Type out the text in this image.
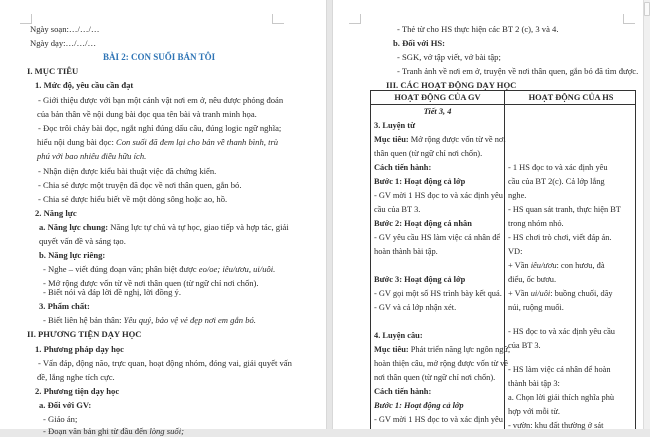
Ngày soạn:…/…/…
Ngày dạy:…/…/…
BÀI 2: CON SUỐI BẢN TÔI
I. MỤC TIÊU
1. Mức độ, yêu cầu cần đạt
- Giới thiệu được với bạn một cảnh vật nơi em ở, nêu được phỏng đoán
của bản thân về nội dung bài đọc qua tên bài và tranh minh họa.
- Đọc trôi chảy bài đọc, ngắt nghỉ đúng dấu câu, đúng logic ngữ nghĩa;
hiểu nội dung bài đọc: Con suối đã đem lại cho bản về thanh bình, trù
phú với bao nhiêu điều hữu ích.
- Nhận diện được kiểu bài thuật việc đã chứng kiến.
- Chia sẻ được một truyện đã đọc về nơi thân quen, gắn bó.
- Chia sẻ được hiểu biết về một dòng sông hoặc ao, hồ.
2. Năng lực
a. Năng lực chung: Năng lực tự chủ và tự học, giao tiếp và hợp tác, giải
quyết vấn đề và sáng tạo.
b. Năng lực riêng:
- Nghe – viết đúng đoạn văn; phân biệt được eo/oe; iêu/ươu, ui/uôi.
- Mở rộng được vốn từ về nơi thân quen (từ ngữ chỉ nơi chốn).
- Biết nói và đáp lời đề nghị, lời đồng ý.
3. Phẩm chất:
- Biết liên hệ bản thân: Yêu quý, bảo vệ vẻ đẹp nơi em gắn bó.
II. PHƯƠNG TIỆN DẠY HỌC
1. Phương pháp dạy học
- Vấn đáp, động não, trực quan, hoạt động nhóm, đóng vai, giải quyết vấn
đề, lắng nghe tích cực.
2. Phương tiện dạy học
a. Đối với GV:
- Giáo án;
- Đoạn văn bản ghi từ đầu đến lòng suối;
- Thẻ từ cho HS thực hiện các BT 2 (c), 3 và 4.
b. Đối với HS:
- SGK, vở tập viết, vở bài tập;
- Tranh ảnh về nơi em ở, truyện về nơi thân quen, gắn bó đã tìm được.
III. CÁC HOẠT ĐỘNG DẠY HỌC
HOẠT ĐỘNG CỦA GV	HOẠT ĐỘNG CỦA HS
Tiết 3, 4
3. Luyện từ
Mục tiêu: Mở rộng được vốn từ về nơi
thân quen (từ ngữ chỉ nơi chốn).
Cách tiến hành:
Bước 1: Hoạt động cả lớp
- GV mời 1 HS đọc to và xác định yêu
cầu của BT 3.
Bước 2: Hoạt động cá nhân
- GV yêu cầu HS làm việc cá nhân để
hoàn thành bài tập.
Bước 3: Hoạt động cả lớp
- GV gọi một số HS trình bày kết quả.
- GV và cả lớp nhận xét.
4. Luyện câu:
Mục tiêu: Phát triển năng lực ngôn ngữ,
hoàn thiện câu, mở rộng được vốn từ về
nơi thân quen (từ ngữ chỉ nơi chốn).
Cách tiến hành:
Bước 1: Hoạt động cả lớp
- GV mời 1 HS đọc to và xác định yêu
- 1 HS đọc to và xác định yêu
cầu của BT 2(c). Cả lớp lắng
nghe.
- HS quan sát tranh, thực hiện BT
trong nhóm nhỏ.
- HS chơi trò chơi, viết đáp án.
VD:
+ Vần iêu/ươu: con hươu, đà
điểu, ốc bươu.
+ Vần ui/uôi: buồng chuối, dãy
núi, ruộng muối.
- HS đọc to và xác định yêu cầu
của BT 3.
- HS làm việc cá nhân để hoàn
thành bài tập 3:
a. Chọn lời giải thích nghĩa phù
hợp với mỗi từ.
- vườn: khu đất thường ở sát
